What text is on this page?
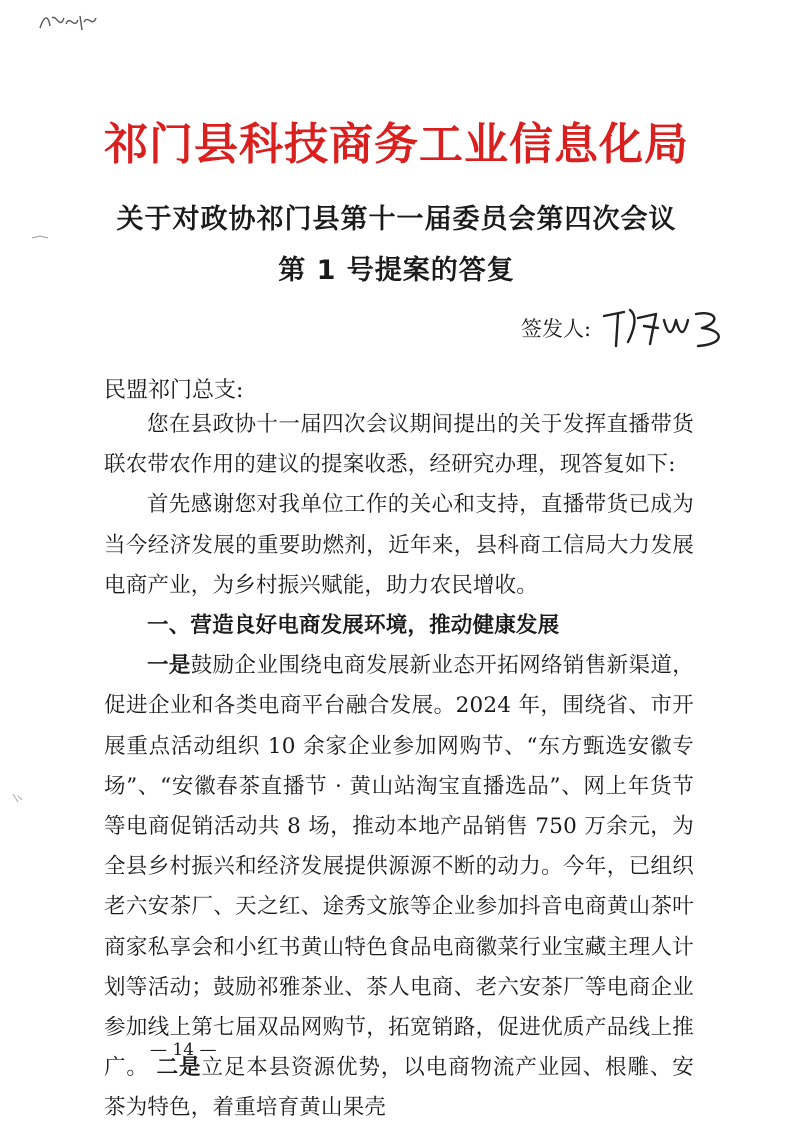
祁门县科技商务工业信息化局
关于对政协祁门县第十一届委员会第四次会议
第 1 号提案的答复
签发人:
民盟祁门总支:

您在县政协十一届四次会议期间提出的关于发挥直播带货联农带农作用的建议的提案收悉，经研究办理，现答复如下:

首先感谢您对我单位工作的关心和支持，直播带货已成为当今经济发展的重要助燃剂，近年来，县科商工信局大力发展电商产业，为乡村振兴赋能，助力农民增收。

一、营造良好电商发展环境，推动健康发展

一是鼓励企业围绕电商发展新业态开拓网络销售新渠道，促进企业和各类电商平台融合发展。2024 年，围绕省、市开展重点活动组织 10 余家企业参加网购节、“东方甄选安徽专场”、“安徽春茶直播节 · 黄山站淘宝直播选品”、网上年货节等电商促销活动共 8 场，推动本地产品销售 750 万余元，为全县乡村振兴和经济发展提供源源不断的动力。今年，已组织老六安茶厂、天之红、途秀文旅等企业参加抖音电商黄山茶叶商家私享会和小红书黄山特色食品电商徽菜行业宝藏主理人计划等活动；鼓励祁雅茶业、茶人电商、老六安茶厂等电商企业参加线上第七届双品网购节，拓宽销路，促进优质产品线上推广。 二是立足本县资源优势，以电商物流产业园、根雕、安茶为特色，着重培育黄山果壳

— 14 —
